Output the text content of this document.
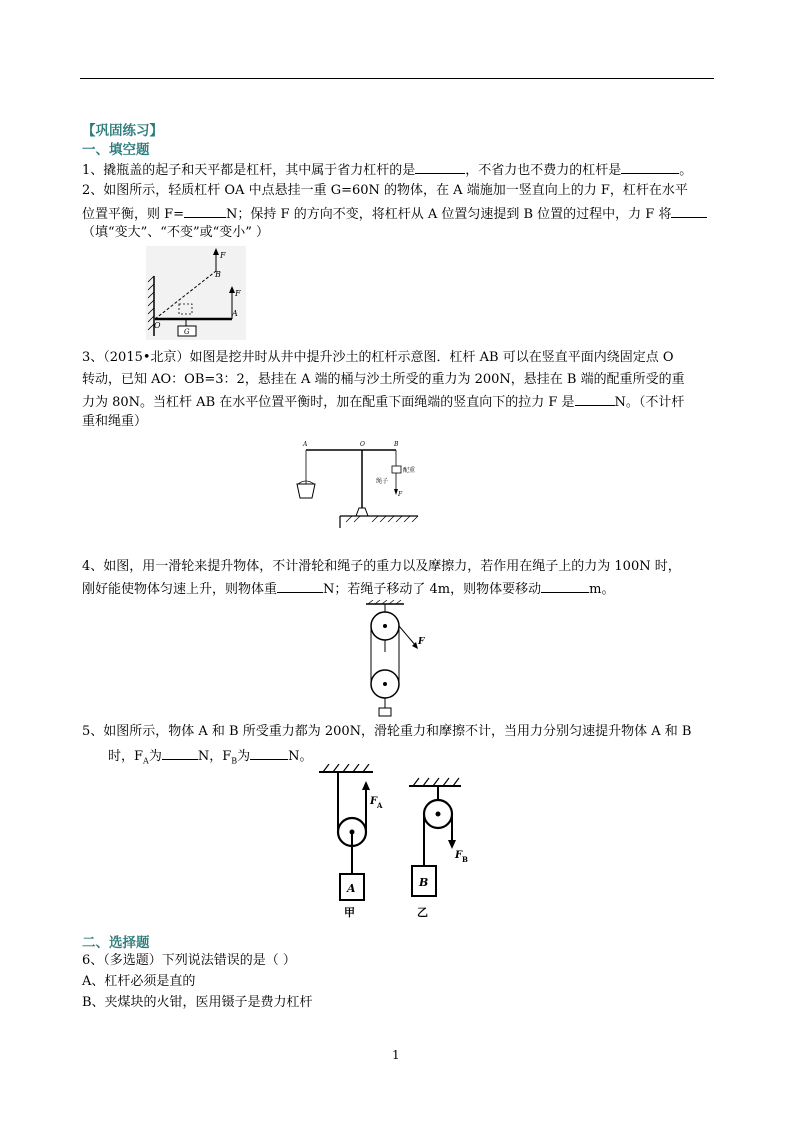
【巩固练习】
一、填空题
1、撬瓶盖的起子和天平都是杠杆，其中属于省力杠杆的是	，不省力也不费力的杠杆是	。
2、如图所示，轻质杠杆 OA 中点悬挂一重 G=60N 的物体，在 A 端施加一竖直向上的力 F，杠杆在水平
位置平衡，则 F=	N；保持 F 的方向不变，将杠杆从 A 位置匀速提到 B 位置的过程中，力 F 将
（填“变大”、“不变”或“变小” ）
F
B
F
O
A
G
3、（2015•北京）如图是挖井时从井中提升沙土的杠杆示意图．杠杆 AB 可以在竖直平面内绕固定点 O
转动，已知 AO：OB=3：2，悬挂在 A 端的桶与沙土所受的重力为 200N，悬挂在 B 端的配重所受的重
力为 80N。当杠杆 AB 在水平位置平衡时，加在配重下面绳端的竖直向下的拉力 F 是	N。（不计杆
重和绳重）
A	O	B
配重
绳子
F
4、如图，用一滑轮来提升物体，不计滑轮和绳子的重力以及摩擦力，若作用在绳子上的力为 100N 时，
刚好能使物体匀速上升，则物体重	N；若绳子移动了 4m，则物体要移动	m。
F
5、如图所示，物体 A 和 B 所受重力都为 200N，滑轮重力和摩擦不计，当用力分别匀速提升物体 A 和 B
时，$F_A$为	N，$F_B$为	N。
A
F A
甲
B
F B
乙
二、选择题
6、（多选题）下列说法错误的是（ ）
A、杠杆必须是直的
B、夹煤块的火钳，医用镊子是费力杠杆
1
